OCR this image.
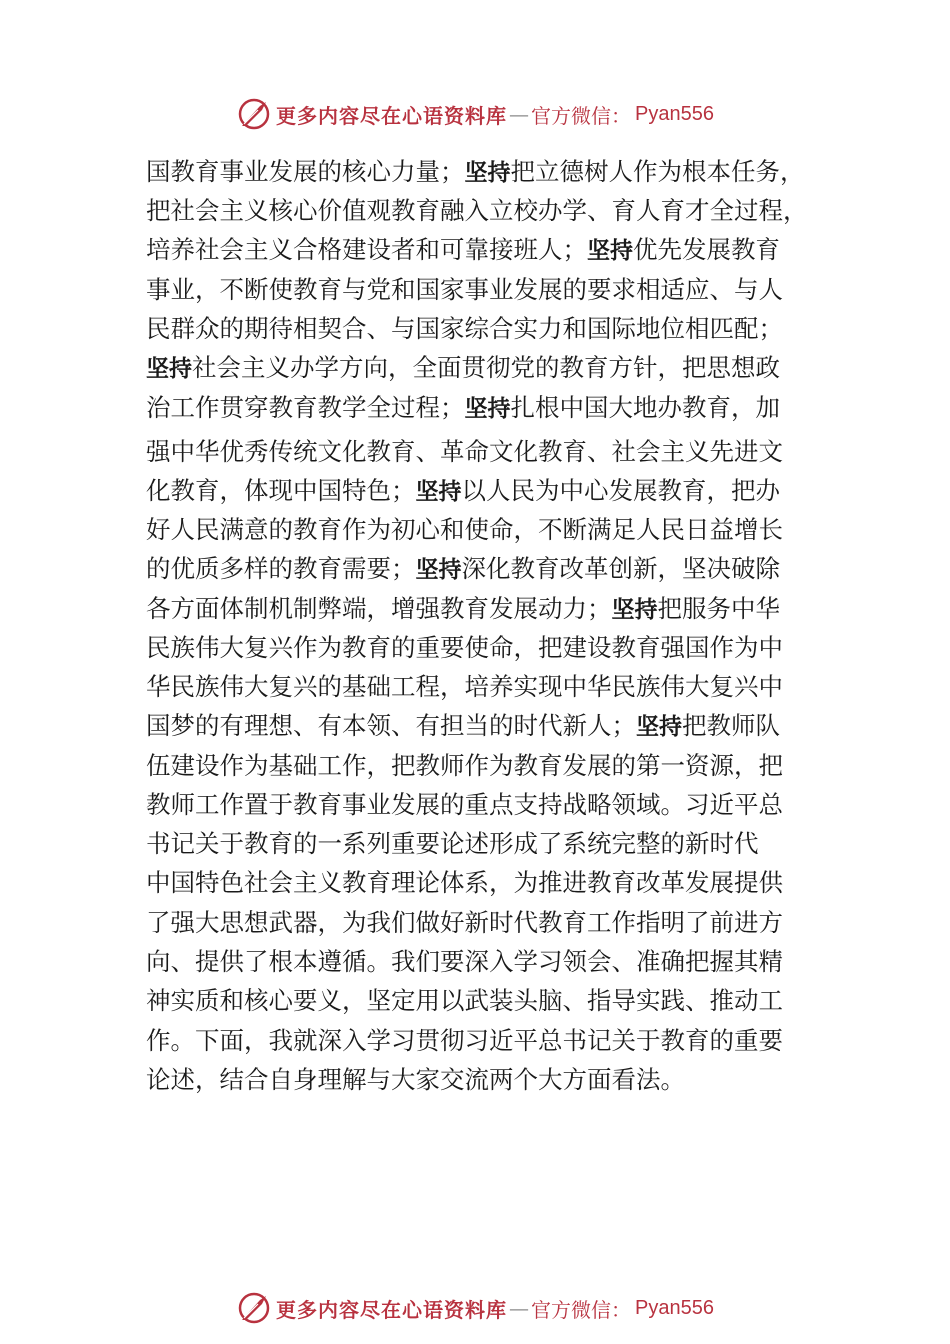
更多内容尽在心语资料库 — 官方微信： Pyan556
国教育事业发展的核心力量；坚持把立德树人作为根本任务，
把社会主义核心价值观教育融入立校办学、育人育才全过程，
培养社会主义合格建设者和可靠接班人；坚持优先发展教育
事业，不断使教育与党和国家事业发展的要求相适应、与人
民群众的期待相契合、与国家综合实力和国际地位相匹配；
坚持社会主义办学方向，全面贯彻党的教育方针，把思想政
治工作贯穿教育教学全过程；坚持扎根中国大地办教育，加
强中华优秀传统文化教育、革命文化教育、社会主义先进文
化教育，体现中国特色；坚持以人民为中心发展教育，把办
好人民满意的教育作为初心和使命，不断满足人民日益增长
的优质多样的教育需要；坚持深化教育改革创新，坚决破除
各方面体制机制弊端，增强教育发展动力；坚持把服务中华
民族伟大复兴作为教育的重要使命，把建设教育强国作为中
华民族伟大复兴的基础工程，培养实现中华民族伟大复兴中
国梦的有理想、有本领、有担当的时代新人；坚持把教师队
伍建设作为基础工作，把教师作为教育发展的第一资源，把
教师工作置于教育事业发展的重点支持战略领域。习近平总
书记关于教育的一系列重要论述形成了系统完整的新时代
中国特色社会主义教育理论体系，为推进教育改革发展提供
了强大思想武器，为我们做好新时代教育工作指明了前进方
向、提供了根本遵循。我们要深入学习领会、准确把握其精
神实质和核心要义，坚定用以武装头脑、指导实践、推动工
作。下面，我就深入学习贯彻习近平总书记关于教育的重要
论述，结合自身理解与大家交流两个大方面看法。
更多内容尽在心语资料库 — 官方微信： Pyan556
